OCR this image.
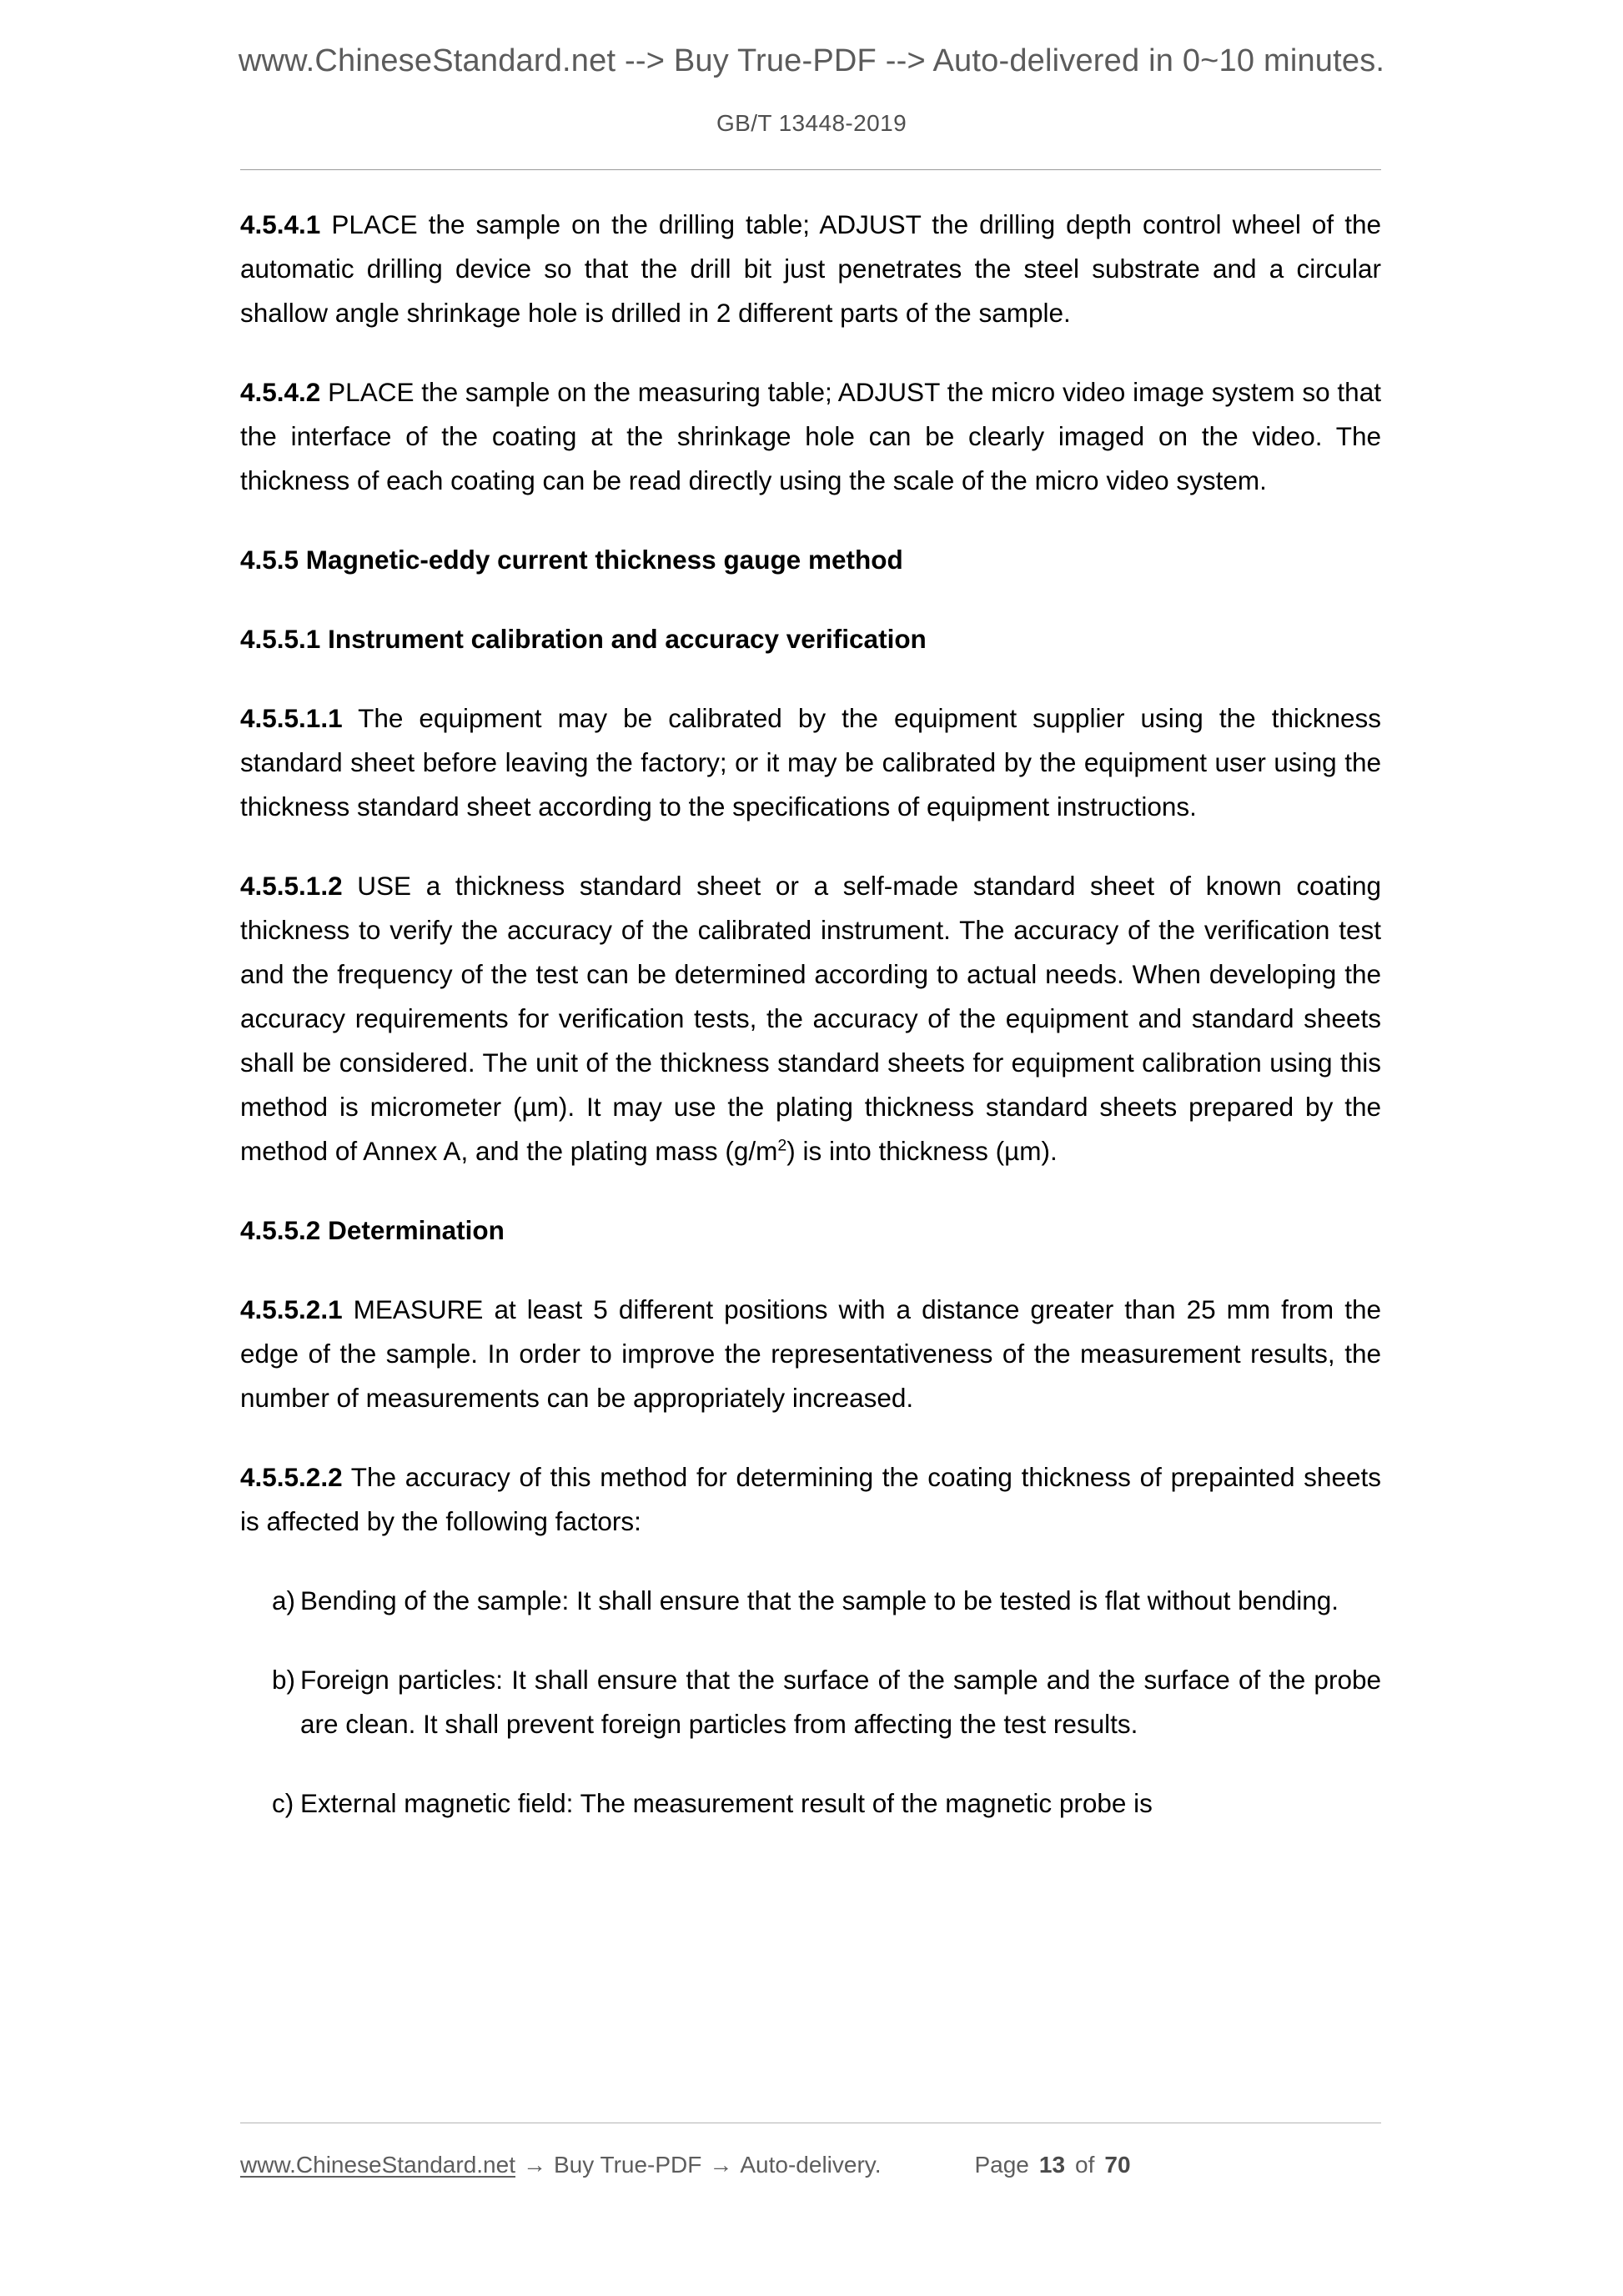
www.ChineseStandard.net --> Buy True-PDF --> Auto-delivered in 0~10 minutes.
GB/T 13448-2019

4.5.4.1 PLACE the sample on the drilling table; ADJUST the drilling depth control wheel of the automatic drilling device so that the drill bit just penetrates the steel substrate and a circular shallow angle shrinkage hole is drilled in 2 different parts of the sample.

4.5.4.2 PLACE the sample on the measuring table; ADJUST the micro video image system so that the interface of the coating at the shrinkage hole can be clearly imaged on the video. The thickness of each coating can be read directly using the scale of the micro video system.

4.5.5 Magnetic-eddy current thickness gauge method
4.5.5.1 Instrument calibration and accuracy verification

4.5.5.1.1 The equipment may be calibrated by the equipment supplier using the thickness standard sheet before leaving the factory; or it may be calibrated by the equipment user using the thickness standard sheet according to the specifications of equipment instructions.

4.5.5.1.2 USE a thickness standard sheet or a self-made standard sheet of known coating thickness to verify the accuracy of the calibrated instrument. The accuracy of the verification test and the frequency of the test can be determined according to actual needs. When developing the accuracy requirements for verification tests, the accuracy of the equipment and standard sheets shall be considered. The unit of the thickness standard sheets for equipment calibration using this method is micrometer (µm). It may use the plating thickness standard sheets prepared by the method of Annex A, and the plating mass $(g/m^2)$ is into thickness (µm).

4.5.5.2 Determination

4.5.5.2.1 MEASURE at least 5 different positions with a distance greater than 25 mm from the edge of the sample. In order to improve the representativeness of the measurement results, the number of measurements can be appropriately increased.

4.5.5.2.2 The accuracy of this method for determining the coating thickness of prepainted sheets is affected by the following factors:

a) Bending of the sample: It shall ensure that the sample to be tested is flat without bending.
b) Foreign particles: It shall ensure that the surface of the sample and the surface of the probe are clean. It shall prevent foreign particles from affecting the test results.
c) External magnetic field: The measurement result of the magnetic probe is
www.ChineseStandard.net → Buy True-PDF → Auto-delivery.	Page 13 of 70
